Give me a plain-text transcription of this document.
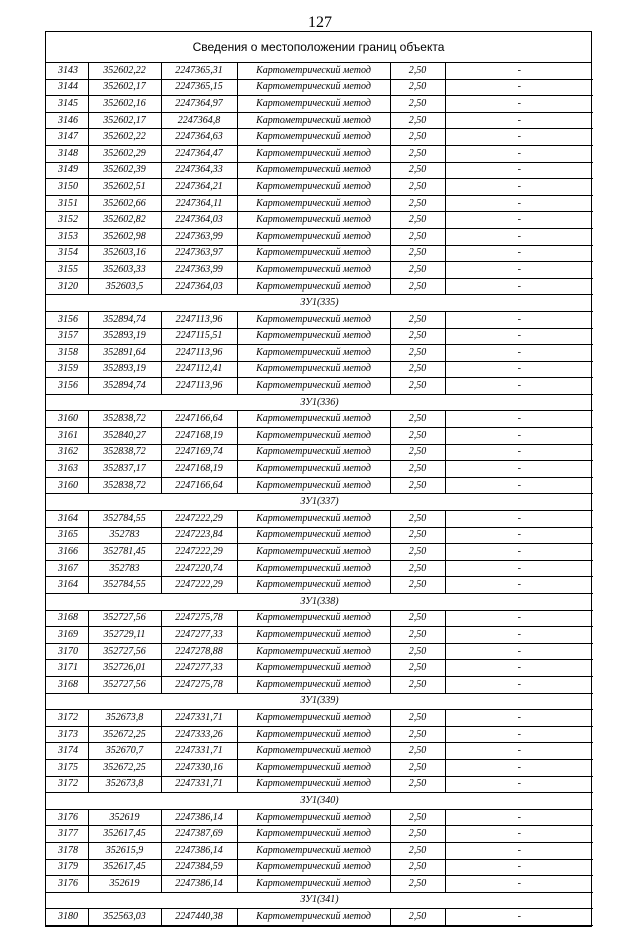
127
Сведения о местоположении границ объекта
3143	352602,22	2247365,31	Картометрический метод	2,50	-
3144	352602,17	2247365,15	Картометрический метод	2,50	-
3145	352602,16	2247364,97	Картометрический метод	2,50	-
3146	352602,17	2247364,8	Картометрический метод	2,50	-
3147	352602,22	2247364,63	Картометрический метод	2,50	-
3148	352602,29	2247364,47	Картометрический метод	2,50	-
3149	352602,39	2247364,33	Картометрический метод	2,50	-
3150	352602,51	2247364,21	Картометрический метод	2,50	-
3151	352602,66	2247364,11	Картометрический метод	2,50	-
3152	352602,82	2247364,03	Картометрический метод	2,50	-
3153	352602,98	2247363,99	Картометрический метод	2,50	-
3154	352603,16	2247363,97	Картометрический метод	2,50	-
3155	352603,33	2247363,99	Картометрический метод	2,50	-
3120	352603,5	2247364,03	Картометрический метод	2,50	-
ЗУ1(335)					
3156	352894,74	2247113,96	Картометрический метод	2,50	-
3157	352893,19	2247115,51	Картометрический метод	2,50	-
3158	352891,64	2247113,96	Картометрический метод	2,50	-
3159	352893,19	2247112,41	Картометрический метод	2,50	-
3156	352894,74	2247113,96	Картометрический метод	2,50	-
ЗУ1(336)					
3160	352838,72	2247166,64	Картометрический метод	2,50	-
3161	352840,27	2247168,19	Картометрический метод	2,50	-
3162	352838,72	2247169,74	Картометрический метод	2,50	-
3163	352837,17	2247168,19	Картометрический метод	2,50	-
3160	352838,72	2247166,64	Картометрический метод	2,50	-
ЗУ1(337)					
3164	352784,55	2247222,29	Картометрический метод	2,50	-
3165	352783	2247223,84	Картометрический метод	2,50	-
3166	352781,45	2247222,29	Картометрический метод	2,50	-
3167	352783	2247220,74	Картометрический метод	2,50	-
3164	352784,55	2247222,29	Картометрический метод	2,50	-
ЗУ1(338)					
3168	352727,56	2247275,78	Картометрический метод	2,50	-
3169	352729,11	2247277,33	Картометрический метод	2,50	-
3170	352727,56	2247278,88	Картометрический метод	2,50	-
3171	352726,01	2247277,33	Картометрический метод	2,50	-
3168	352727,56	2247275,78	Картометрический метод	2,50	-
ЗУ1(339)					
3172	352673,8	2247331,71	Картометрический метод	2,50	-
3173	352672,25	2247333,26	Картометрический метод	2,50	-
3174	352670,7	2247331,71	Картометрический метод	2,50	-
3175	352672,25	2247330,16	Картометрический метод	2,50	-
3172	352673,8	2247331,71	Картометрический метод	2,50	-
ЗУ1(340)					
3176	352619	2247386,14	Картометрический метод	2,50	-
3177	352617,45	2247387,69	Картометрический метод	2,50	-
3178	352615,9	2247386,14	Картометрический метод	2,50	-
3179	352617,45	2247384,59	Картометрический метод	2,50	-
3176	352619	2247386,14	Картометрический метод	2,50	-
ЗУ1(341)					
3180	352563,03	2247440,38	Картометрический метод	2,50	-
